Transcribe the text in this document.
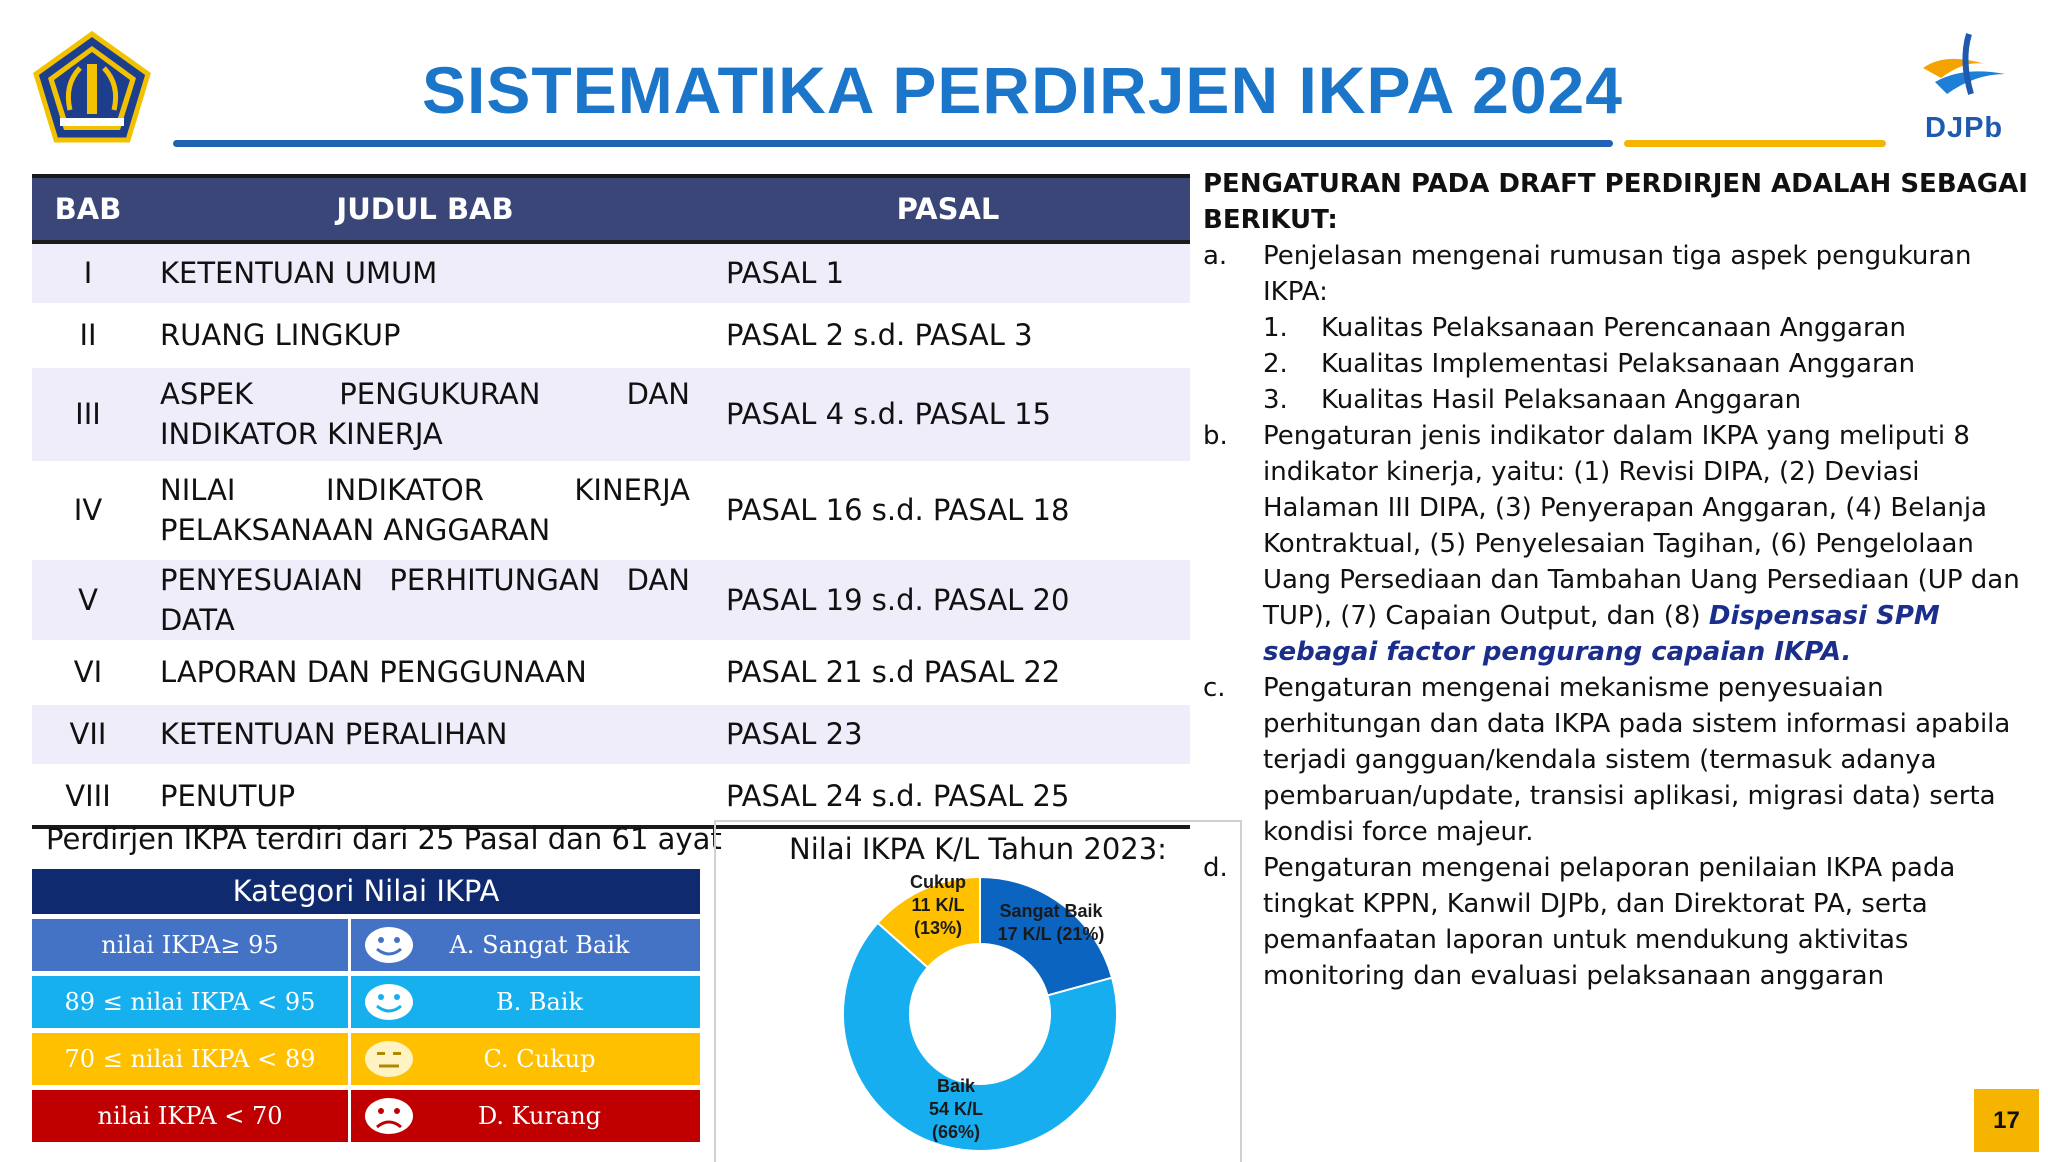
SISTEMATIKA PERDIRJEN IKPA 2024
DJPb
BAB	JUDUL BAB	PASAL
I	KETENTUAN UMUM	PASAL 1
II	RUANG LINGKUP	PASAL 2 s.d. PASAL 3
III	ASPEK PENGUKURAN DAN INDIKATOR KINERJA	PASAL 4 s.d. PASAL 15
IV	NILAI INDIKATOR KINERJA PELAKSANAAN ANGGARAN	PASAL 16 s.d. PASAL 18
V	PENYESUAIAN PERHITUNGAN DAN DATA	PASAL 19 s.d. PASAL 20
VI	LAPORAN DAN PENGGUNAAN	PASAL 21 s.d PASAL 22
VII	KETENTUAN PERALIHAN	PASAL 23
VIII	PENUTUP	PASAL 24 s.d. PASAL 25
Perdirjen IKPA terdiri dari 25 Pasal dan 61 ayat
Kategori Nilai IKPA
nilai IKPA≥ 95	A. Sangat Baik
89 ≤ nilai IKPA < 95	B. Baik
70 ≤ nilai IKPA < 89	C. Cukup
nilai IKPA < 70	D. Kurang
Nilai IKPA K/L Tahun 2023:
Sangat Baik
17 K/L (21%)
Baik
54 K/L
(66%)
Cukup
11 K/L
(13%)
PENGATURAN PADA DRAFT PERDIRJEN ADALAH SEBAGAI BERIKUT:
a.	Penjelasan mengenai rumusan tiga aspek pengukuran IKPA:
1.	Kualitas Pelaksanaan Perencanaan Anggaran
2.	Kualitas Implementasi Pelaksanaan Anggaran
3.	Kualitas Hasil Pelaksanaan Anggaran
b.	Pengaturan jenis indikator dalam IKPA yang meliputi 8 indikator kinerja, yaitu: (1) Revisi DIPA, (2) Deviasi Halaman III DIPA, (3) Penyerapan Anggaran, (4) Belanja Kontraktual, (5) Penyelesaian Tagihan, (6) Pengelolaan Uang Persediaan dan Tambahan Uang Persediaan (UP dan TUP), (7) Capaian Output, dan (8) Dispensasi SPM sebagai factor pengurang capaian IKPA.
c.	Pengaturan mengenai mekanisme penyesuaian perhitungan dan data IKPA pada sistem informasi apabila terjadi gangguan/kendala sistem (termasuk adanya pembaruan/update, transisi aplikasi, migrasi data) serta kondisi force majeur.
d.	Pengaturan mengenai pelaporan penilaian IKPA pada tingkat KPPN, Kanwil DJPb, dan Direktorat PA, serta pemanfaatan laporan untuk mendukung aktivitas monitoring dan evaluasi pelaksanaan anggaran
17
